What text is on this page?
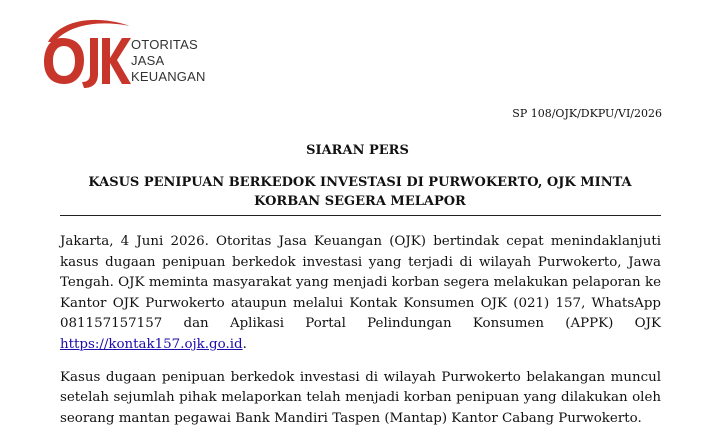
OTORITAS
JASA
KEUANGAN
SP 108/OJK/DKPU/VI/2026
SIARAN PERS
KASUS PENIPUAN BERKEDOK INVESTASI DI PURWOKERTO, OJK MINTA KORBAN SEGERA MELAPOR

Jakarta, 4 Juni 2026. Otoritas Jasa Keuangan (OJK) bertindak cepat menindaklanjuti kasus dugaan penipuan berkedok investasi yang terjadi di wilayah Purwokerto, Jawa Tengah. OJK meminta masyarakat yang menjadi korban segera melakukan pelaporan ke Kantor OJK Purwokerto ataupun melalui Kontak Konsumen OJK (021) 157, WhatsApp 081157157157 dan Aplikasi Portal Pelindungan Konsumen (APPK) OJK https://kontak157.ojk.go.id.

Kasus dugaan penipuan berkedok investasi di wilayah Purwokerto belakangan muncul setelah sejumlah pihak melaporkan telah menjadi korban penipuan yang dilakukan oleh seorang mantan pegawai Bank Mandiri Taspen (Mantap) Kantor Cabang Purwokerto.
